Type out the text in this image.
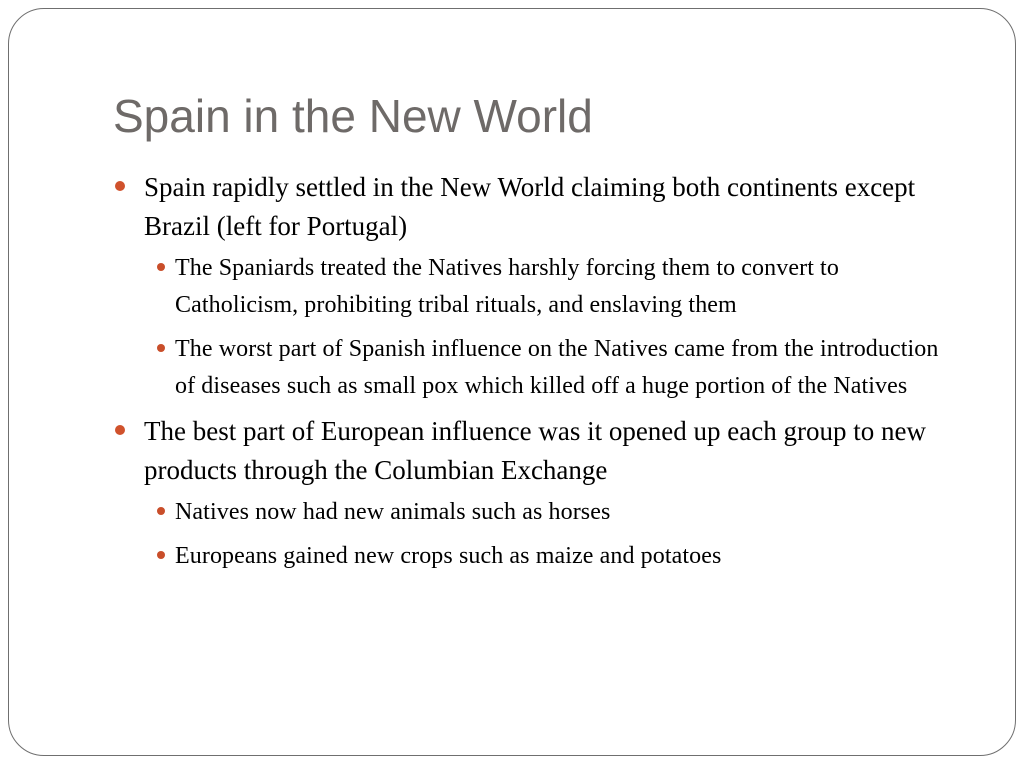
Spain in the New World
Spain rapidly settled in the New World claiming both continents except Brazil (left for Portugal)
The Spaniards treated the Natives harshly forcing them to convert to Catholicism, prohibiting tribal rituals, and enslaving them
The worst part of Spanish influence on the Natives came from the introduction of diseases such as small pox which killed off a huge portion of the Natives
The best part of European influence was it opened up each group to new products through the Columbian Exchange
Natives now had new animals such as horses
Europeans gained new crops such as maize and potatoes
